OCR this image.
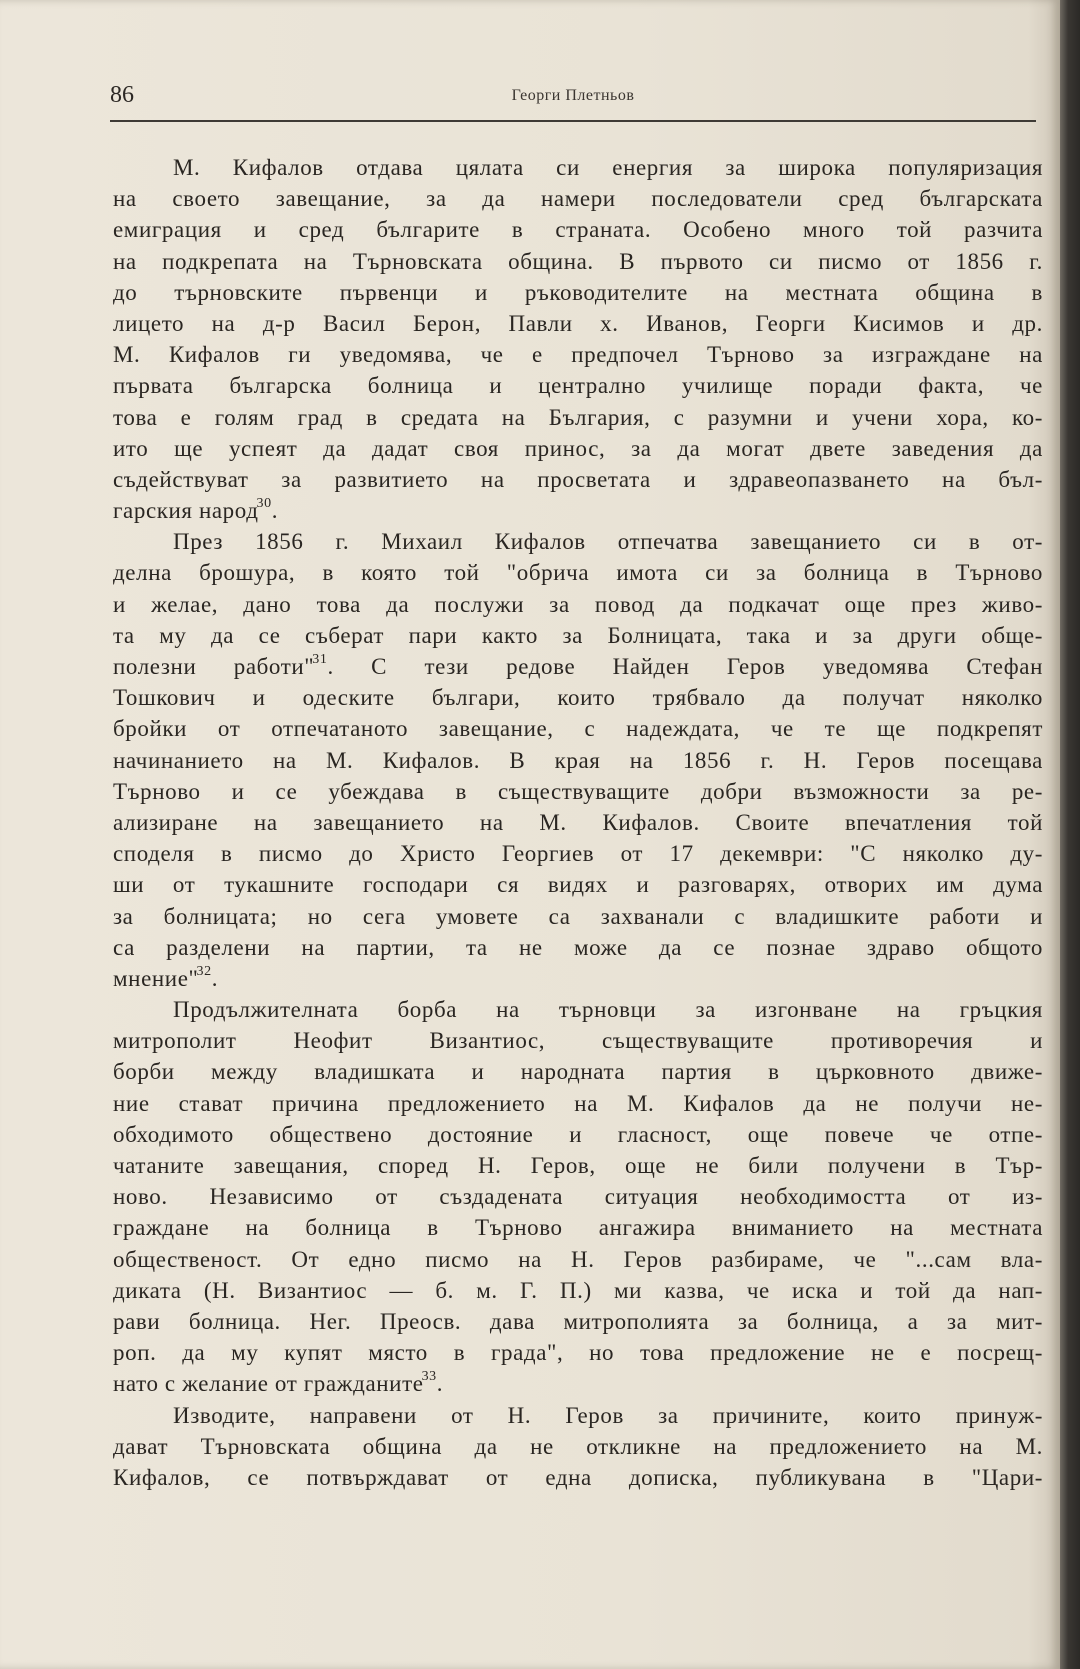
86	Георги Плетньов
М. Кифалов отдава цялата си енергия за широка популяризация
на своето завещание, за да намери последователи сред българската
емиграция и сред българите в страната. Особено много той разчита
на подкрепата на Търновската община. В първото си писмо от 1856 г.
до търновските първенци и ръководителите на местната община в
лицето на д-р Васил Берон, Павли х. Иванов, Георги Кисимов и др.
М. Кифалов ги уведомява, че е предпочел Търново за изграждане на
първата българска болница и централно училище поради факта, че
това е голям град в средата на България, с разумни и учени хора, ко-
ито ще успеят да дадат своя принос, за да могат двете заведения да
съдействуват за развитието на просветата и здравеопазването на бъл-
гарския народ$^{30}$.
През 1856 г. Михаил Кифалов отпечатва завещанието си в от-
делна брошура, в която той "обрича имота си за болница в Търново
и желае, дано това да послужи за повод да подкачат още през живо-
та му да се съберат пари както за Болницата, така и за други обще-
полезни работи"$^{31}$. С тези редове Найден Геров уведомява Стефан
Тошкович и одеските българи, които трябвало да получат няколко
бройки от отпечатаното завещание, с надеждата, че те ще подкрепят
начинанието на М. Кифалов. В края на 1856 г. Н. Геров посещава
Търново и се убеждава в съществуващите добри възможности за ре-
ализиране на завещанието на М. Кифалов. Своите впечатления той
споделя в писмо до Христо Георгиев от 17 декември: "С няколко ду-
ши от тукашните господари ся видях и разговарях, отворих им дума
за болницата; но сега умовете са захванали с владишките работи и
са разделени на партии, та не може да се познае здраво общото
мнение"$^{32}$.
Продължителната борба на търновци за изгонване на гръцкия
митрополит Неофит Византиос, съществуващите противоречия и
борби между владишката и народната партия в църковното движе-
ние стават причина предложението на М. Кифалов да не получи не-
обходимото обществено достояние и гласност, още повече че отпе-
чатаните завещания, според Н. Геров, още не били получени в Тър-
ново. Независимо от създадената ситуация необходимостта от из-
граждане на болница в Търново ангажира вниманието на местната
общественост. От едно писмо на Н. Геров разбираме, че "...сам вла-
диката (Н. Византиос — б. м. Г. П.) ми казва, че иска и той да нап-
рави болница. Нег. Преосв. дава митрополията за болница, а за мит-
роп. да му купят място в града", но това предложение не е посрещ-
нато с желание от гражданите$^{33}$.
Изводите, направени от Н. Геров за причините, които принуж-
дават Търновската община да не откликне на предложението на М.
Кифалов, се потвърждават от една дописка, публикувана в "Цари-
